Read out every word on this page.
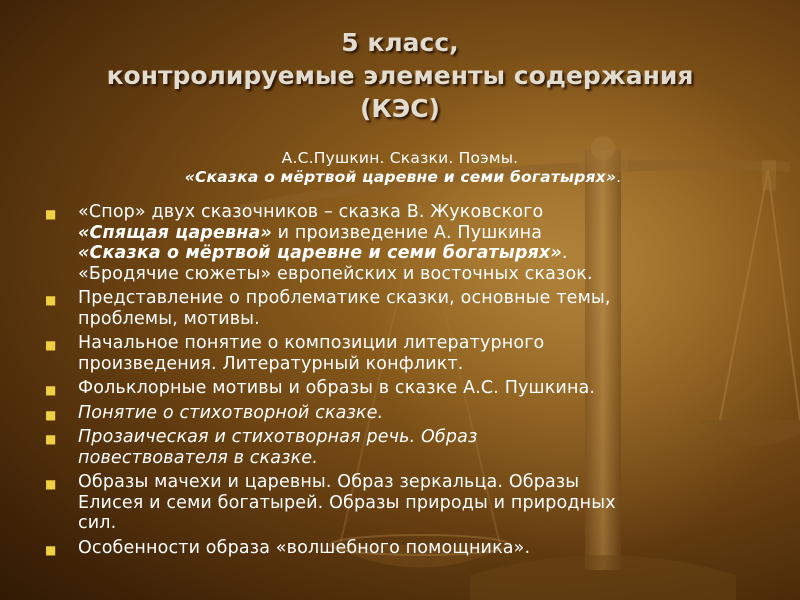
5 класс,
контролируемые элементы содержания
(КЭС)
А.С.Пушкин. Сказки. Поэмы.
«Сказка о мёртвой царевне и семи богатырях».
■ «Спор» двух сказочников – сказка В. Жуковского
«Спящая царевна» и произведение А. Пушкина
«Сказка о мёртвой царевне и семи богатырях».
«Бродячие сюжеты» европейских и восточных сказок.
■ Представление о проблематике сказки, основные темы,
проблемы, мотивы.
■ Начальное понятие о композиции литературного
произведения. Литературный конфликт.
■ Фольклорные мотивы и образы в сказке А.С. Пушкина.
■ Понятие о стихотворной сказке.
■ Прозаическая и стихотворная речь. Образ
повествователя в сказке.
■ Образы мачехи и царевны. Образ зеркальца. Образы
Елисея и семи богатырей. Образы природы и природных
сил.
■ Особенности образа «волшебного помощника».
